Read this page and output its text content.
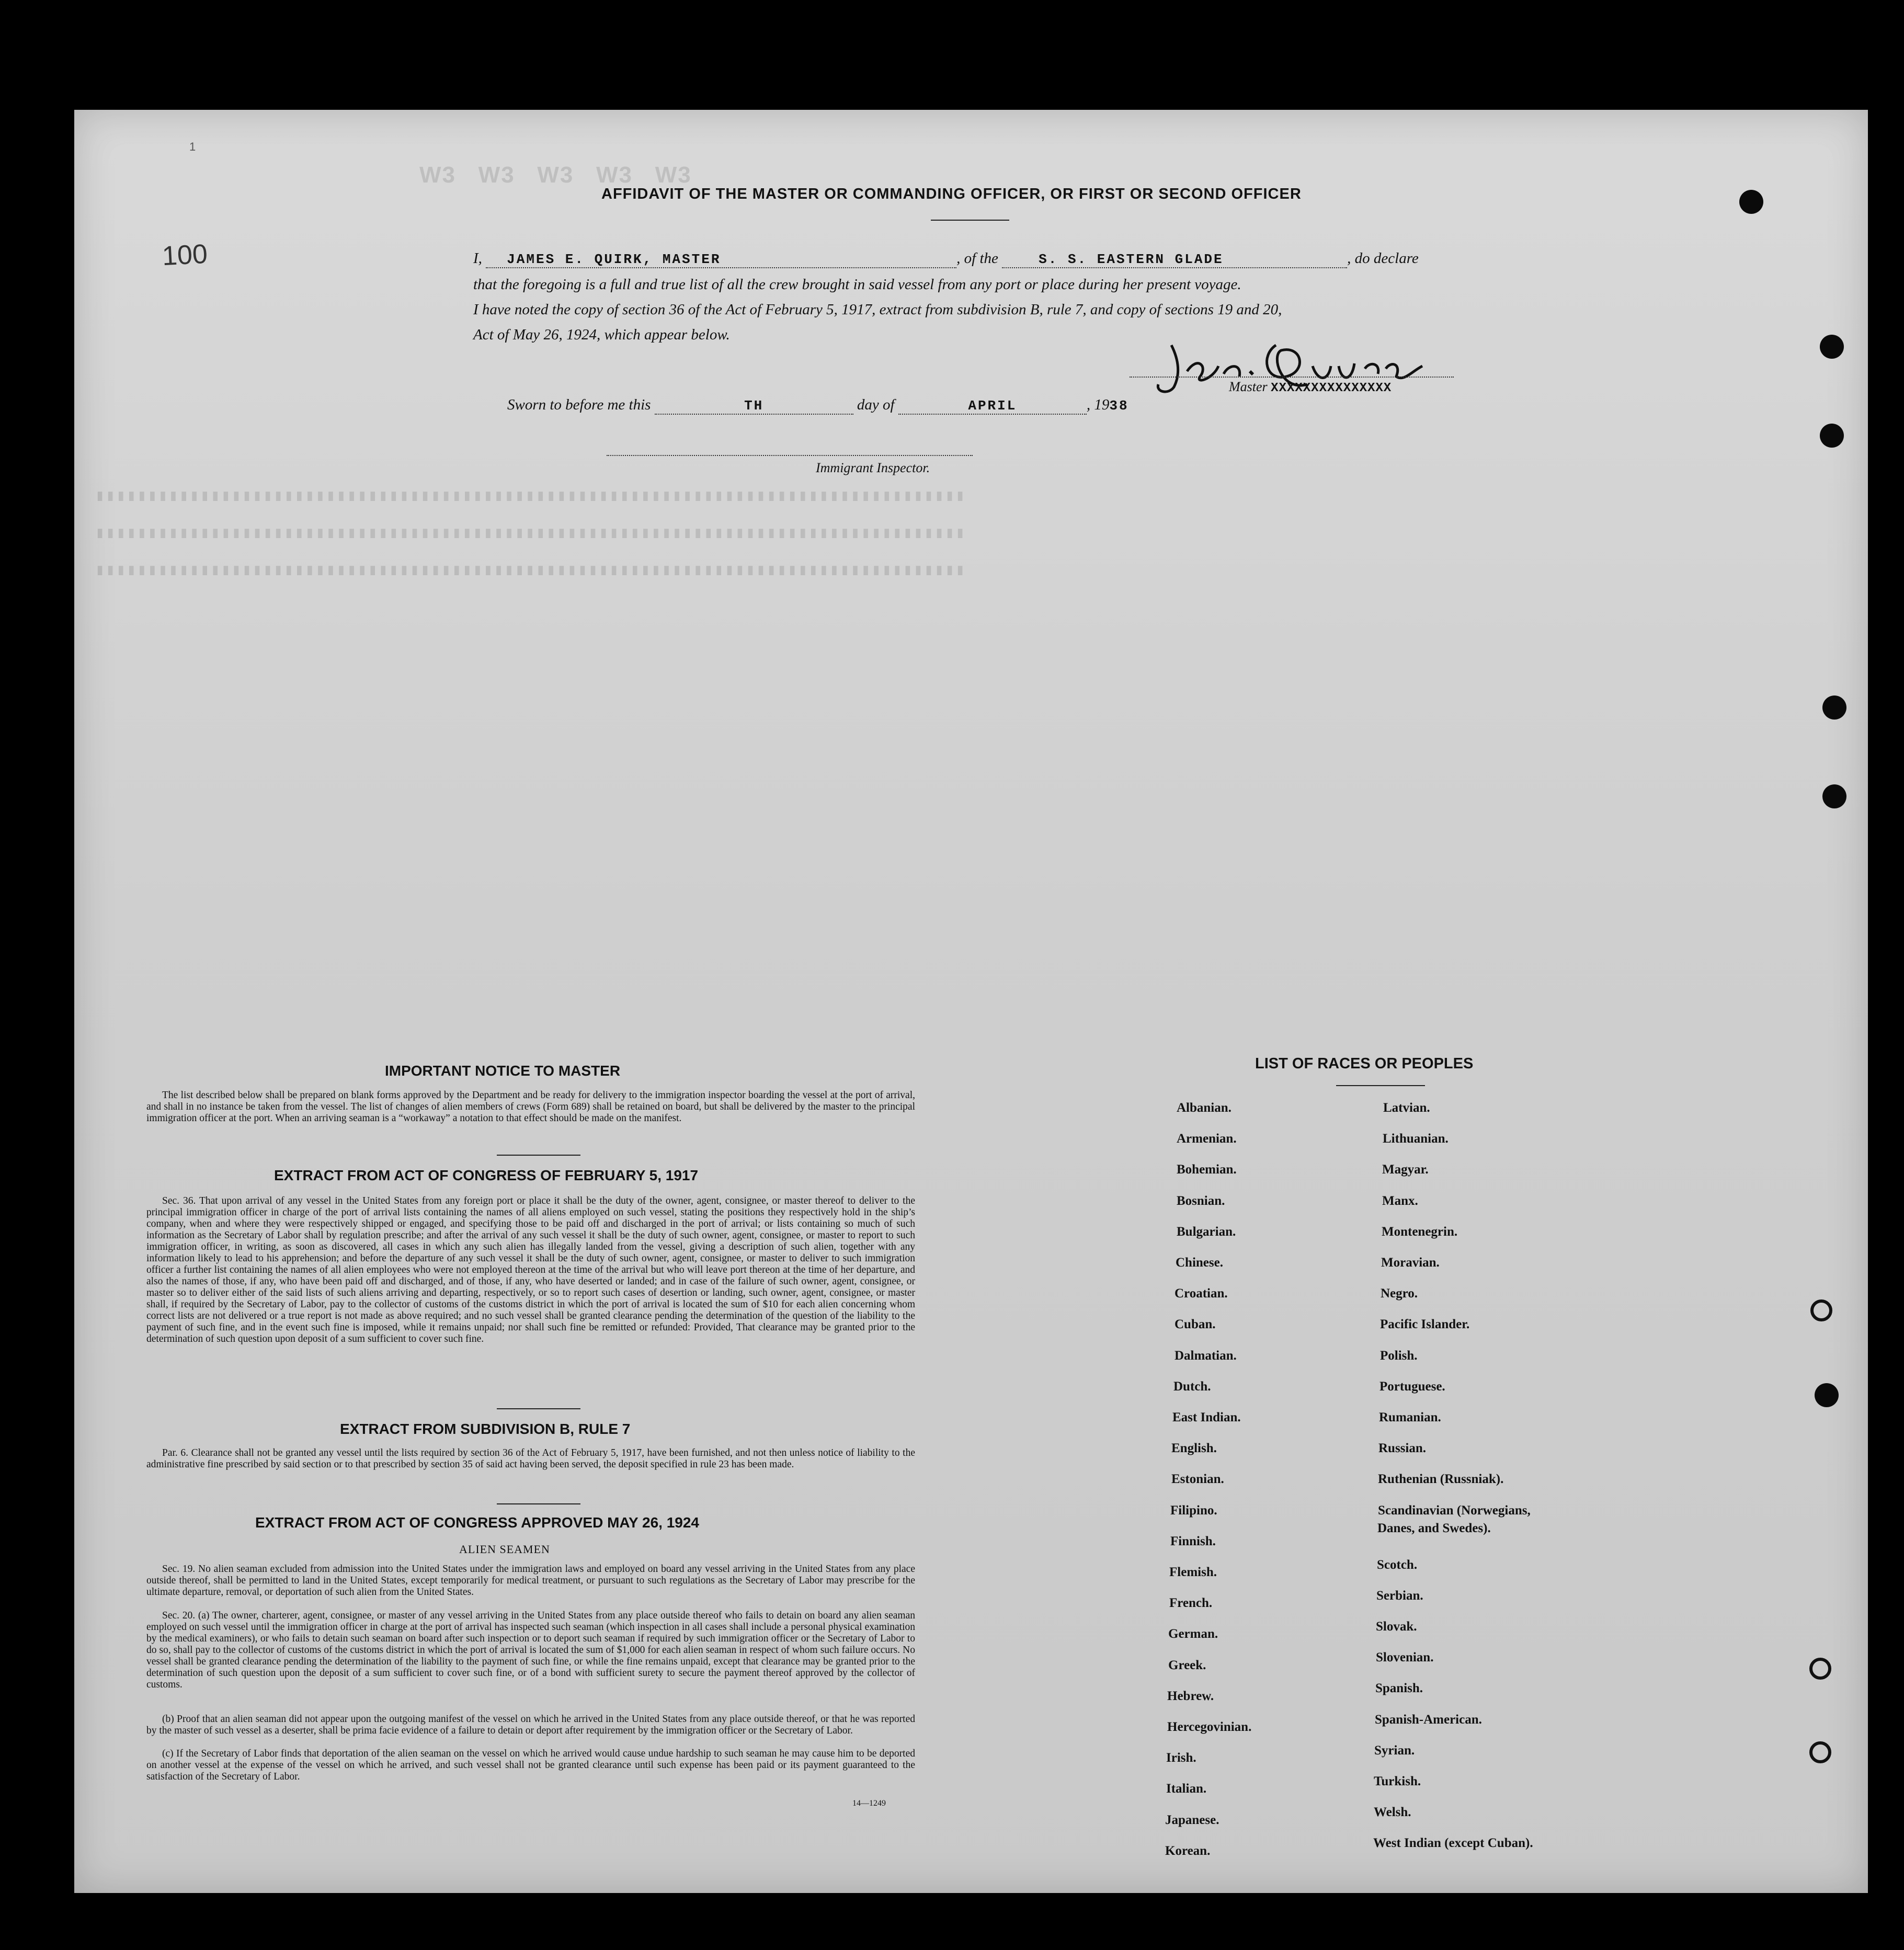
W3   W3   W3   W3   W3
▮▮▮▮▮▮▮▮▮▮▮▮▮▮▮▮▮▮▮▮▮▮▮▮▮▮▮▮▮▮▮▮▮▮▮▮▮▮▮▮▮▮▮▮▮▮▮▮▮▮▮▮▮▮▮▮▮▮▮▮▮▮▮▮▮▮▮▮▮▮▮▮▮▮▮▮▮▮▮▮▮▮▮

▮▮▮▮▮▮▮▮▮▮▮▮▮▮▮▮▮▮▮▮▮▮▮▮▮▮▮▮▮▮▮▮▮▮▮▮▮▮▮▮▮▮▮▮▮▮▮▮▮▮▮▮▮▮▮▮▮▮▮▮▮▮▮▮▮▮▮▮▮▮▮▮▮▮▮▮▮▮▮▮▮▮▮

▮▮▮▮▮▮▮▮▮▮▮▮▮▮▮▮▮▮▮▮▮▮▮▮▮▮▮▮▮▮▮▮▮▮▮▮▮▮▮▮▮▮▮▮▮▮▮▮▮▮▮▮▮▮▮▮▮▮▮▮▮▮▮▮▮▮▮▮▮▮▮▮▮▮▮▮▮▮▮▮▮▮▮
1
100
AFFIDAVIT OF THE MASTER OR COMMANDING OFFICER, OR FIRST OR SECOND OFFICER
I, JAMES E. QUIRK, MASTER	, of the	S. S. EASTERN GLADE	, do declare
that the foregoing is a full and true list of all the crew brought in said vessel from any port or place during her present voyage.
I have noted the copy of section 36 of the Act of February 5, 1917, extract from subdivision B, rule 7, and copy of sections 19 and 20,
Act of May 26, 1924, which appear below.
Master XXXXXXXXXXXXXXX
Sworn to before me this	TH	day of	APRIL	, 1938
Immigrant Inspector.
IMPORTANT NOTICE TO MASTER
The list described below shall be prepared on blank forms approved by the Department and be ready for delivery to the immigration inspector boarding the vessel at the port of arrival, and shall in no instance be taken from the vessel. The list of changes of alien members of crews (Form 689) shall be retained on board, but shall be delivered by the master to the principal immigration officer at the port. When an arriving seaman is a “workaway” a notation to that effect should be made on the manifest.
EXTRACT FROM ACT OF CONGRESS OF FEBRUARY 5, 1917
Sec. 36. That upon arrival of any vessel in the United States from any foreign port or place it shall be the duty of the owner, agent, consignee, or master thereof to deliver to the principal immigration officer in charge of the port of arrival lists containing the names of all aliens employed on such vessel, stating the positions they respectively hold in the ship’s company, when and where they were respectively shipped or engaged, and specifying those to be paid off and discharged in the port of arrival; or lists containing so much of such information as the Secretary of Labor shall by regulation prescribe; and after the arrival of any such vessel it shall be the duty of such owner, agent, consignee, or master to report to such immigration officer, in writing, as soon as discovered, all cases in which any such alien has illegally landed from the vessel, giving a description of such alien, together with any information likely to lead to his apprehension; and before the departure of any such vessel it shall be the duty of such owner, agent, consignee, or master to deliver to such immigration officer a further list containing the names of all alien employees who were not employed thereon at the time of the arrival but who will leave port thereon at the time of her departure, and also the names of those, if any, who have been paid off and discharged, and of those, if any, who have deserted or landed; and in case of the failure of such owner, agent, consignee, or master so to deliver either of the said lists of such aliens arriving and departing, respectively, or so to report such cases of desertion or landing, such owner, agent, consignee, or master shall, if required by the Secretary of Labor, pay to the collector of customs of the customs district in which the port of arrival is located the sum of $10 for each alien concerning whom correct lists are not delivered or a true report is not made as above required; and no such vessel shall be granted clearance pending the determination of the question of the liability to the payment of such fine, and in the event such fine is imposed, while it remains unpaid; nor shall such fine be remitted or refunded: Provided, That clearance may be granted prior to the determination of such question upon deposit of a sum sufficient to cover such fine.
EXTRACT FROM SUBDIVISION B, RULE 7
Par. 6. Clearance shall not be granted any vessel until the lists required by section 36 of the Act of February 5, 1917, have been furnished, and not then unless notice of liability to the administrative fine prescribed by said section or to that prescribed by section 35 of said act having been served, the deposit specified in rule 23 has been made.
EXTRACT FROM ACT OF CONGRESS APPROVED MAY 26, 1924
ALIEN SEAMEN
Sec. 19. No alien seaman excluded from admission into the United States under the immigration laws and employed on board any vessel arriving in the United States from any place outside thereof, shall be permitted to land in the United States, except temporarily for medical treatment, or pursuant to such regulations as the Secretary of Labor may prescribe for the ultimate departure, removal, or deportation of such alien from the United States.
Sec. 20. (a) The owner, charterer, agent, consignee, or master of any vessel arriving in the United States from any place outside thereof who fails to detain on board any alien seaman employed on such vessel until the immigration officer in charge at the port of arrival has inspected such seaman (which inspection in all cases shall include a personal physical examination by the medical examiners), or who fails to detain such seaman on board after such inspection or to deport such seaman if required by such immigration officer or the Secretary of Labor to do so, shall pay to the collector of customs of the customs district in which the port of arrival is located the sum of $1,000 for each alien seaman in respect of whom such failure occurs. No vessel shall be granted clearance pending the determination of the liability to the payment of such fine, or while the fine remains unpaid, except that clearance may be granted prior to the determination of such question upon the deposit of a sum sufficient to cover such fine, or of a bond with sufficient surety to secure the payment thereof approved by the collector of customs.
(b) Proof that an alien seaman did not appear upon the outgoing manifest of the vessel on which he arrived in the United States from any place outside thereof, or that he was reported by the master of such vessel as a deserter, shall be prima facie evidence of a failure to detain or deport after requirement by the immigration officer or the Secretary of Labor.
(c) If the Secretary of Labor finds that deportation of the alien seaman on the vessel on which he arrived would cause undue hardship to such seaman he may cause him to be deported on another vessel at the expense of the vessel on which he arrived, and such vessel shall not be granted clearance until such expense has been paid or its payment guaranteed to the satisfaction of the Secretary of Labor.
14—1249
LIST OF RACES OR PEOPLES
Albanian.
Armenian.
Bohemian.
Bosnian.
Bulgarian.
Chinese.
Croatian.
Cuban.
Dalmatian.
Dutch.
East Indian.
English.
Estonian.
Filipino.
Finnish.
Flemish.
French.
German.
Greek.
Hebrew.
Hercegovinian.
Irish.
Italian.
Japanese.
Korean.
Latvian.
Lithuanian.
Magyar.
Manx.
Montenegrin.
Moravian.
Negro.
Pacific Islander.
Polish.
Portuguese.
Rumanian.
Russian.
Ruthenian (Russniak).
Scandinavian (Norwegians,
Danes, and Swedes).
Scotch.
Serbian.
Slovak.
Slovenian.
Spanish.
Spanish-American.
Syrian.
Turkish.
Welsh.
West Indian (except Cuban).
